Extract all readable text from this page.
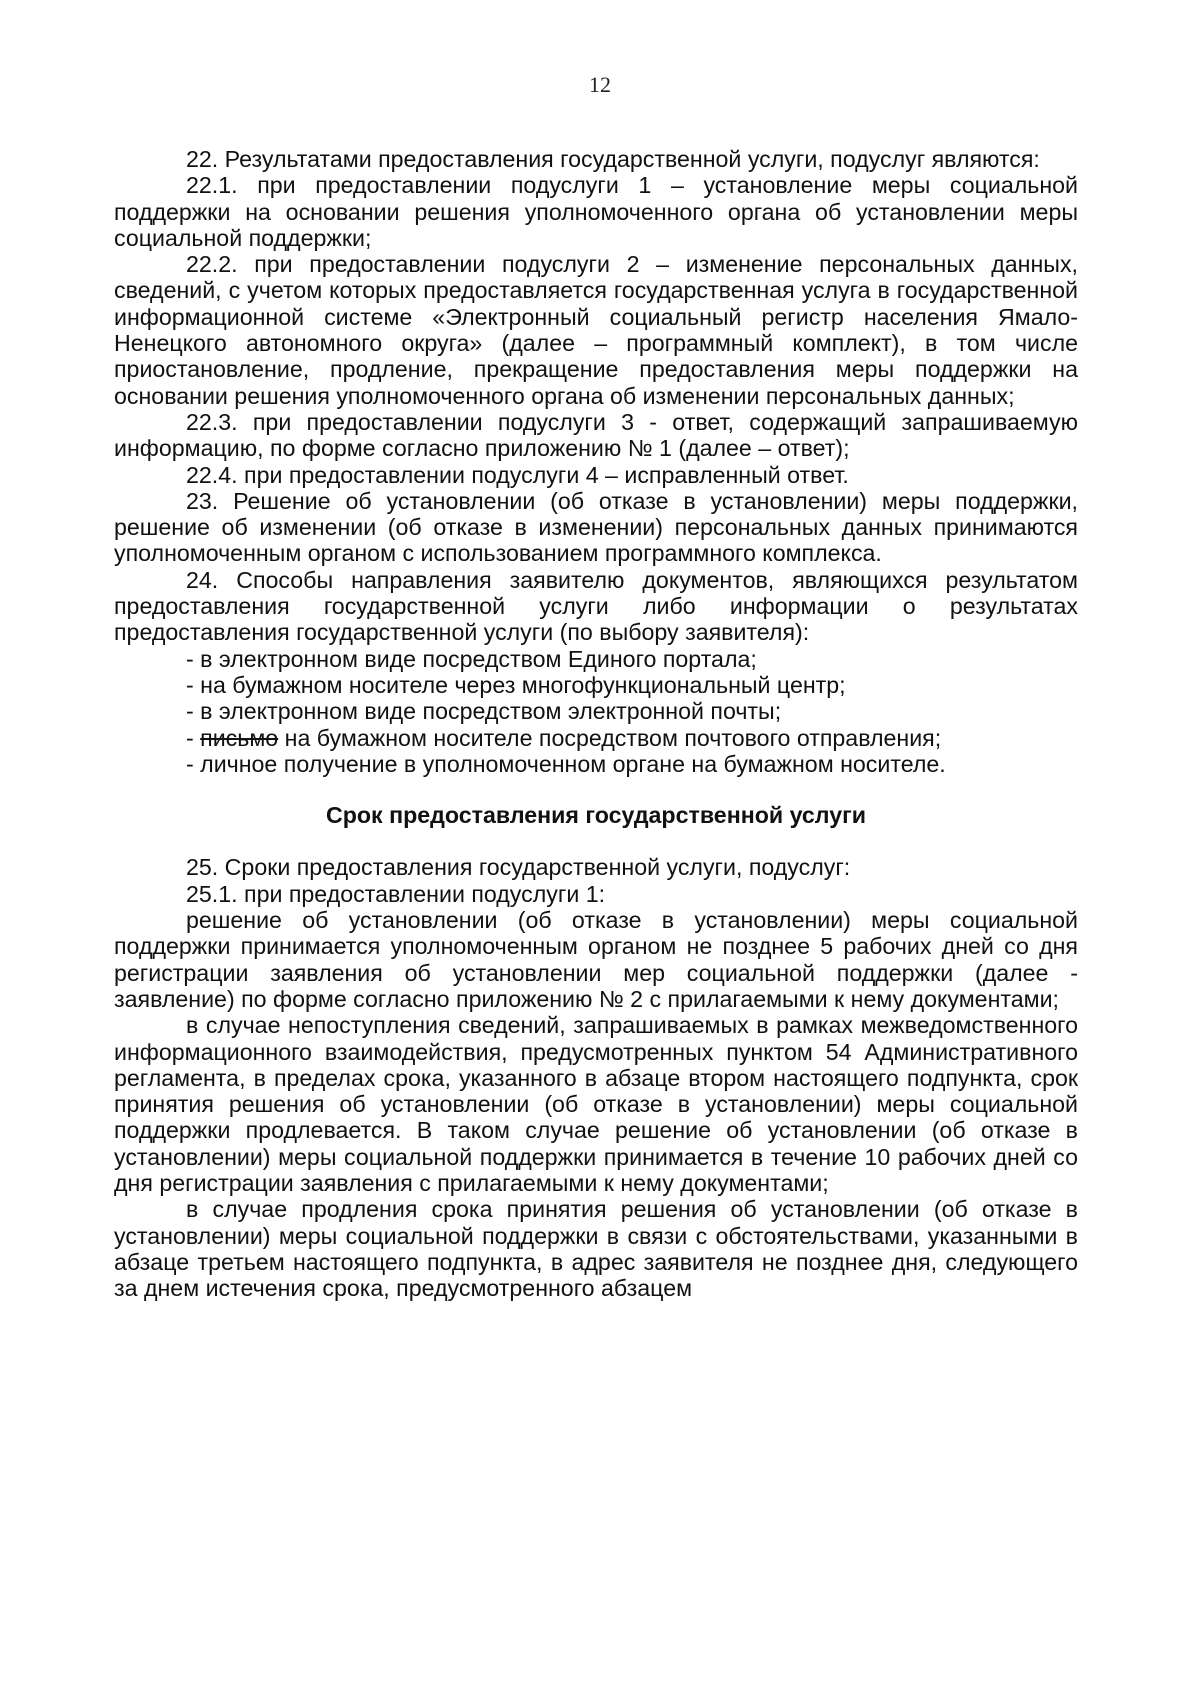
12

22. Результатами предоставления государственной услуги, подуслуг являются:

22.1. при предоставлении подуслуги 1 – установление меры социальной поддержки на основании решения уполномоченного органа об установлении меры социальной поддержки;

22.2. при предоставлении подуслуги 2 – изменение персональных данных, сведений, с учетом которых предоставляется государственная услуга в государственной информационной системе «Электронный социальный регистр населения Ямало-Ненецкого автономного округа» (далее – программный комплект), в том числе приостановление, продление, прекращение предоставления меры поддержки на основании решения уполномоченного органа об изменении персональных данных;

22.3. при предоставлении подуслуги 3 - ответ, содержащий запрашиваемую информацию, по форме согласно приложению № 1 (далее – ответ);

22.4. при предоставлении подуслуги 4 – исправленный ответ.

23. Решение об установлении (об отказе в установлении) меры поддержки, решение об изменении (об отказе в изменении) персональных данных принимаются уполномоченным органом с использованием программного комплекса.

24. Способы направления заявителю документов, являющихся результатом предоставления государственной услуги либо информации о результатах предоставления государственной услуги (по выбору заявителя):

- в электронном виде посредством Единого портала;

- на бумажном носителе через многофункциональный центр;

- в электронном виде посредством электронной почты;

- письмо на бумажном носителе посредством почтового отправления;

- личное получение в уполномоченном органе на бумажном носителе.

Срок предоставления государственной услуги

25. Сроки предоставления государственной услуги, подуслуг:

25.1. при предоставлении подуслуги 1:

решение об установлении (об отказе в установлении) меры социальной поддержки принимается уполномоченным органом не позднее 5 рабочих дней со дня регистрации заявления об установлении мер социальной поддержки (далее - заявление) по форме согласно приложению № 2 с прилагаемыми к нему документами;

в случае непоступления сведений, запрашиваемых в рамках межведомственного информационного взаимодействия, предусмотренных пунктом 54 Административного регламента, в пределах срока, указанного в абзаце втором настоящего подпункта, срок принятия решения об установлении (об отказе в установлении) меры социальной поддержки продлевается. В таком случае решение об установлении (об отказе в установлении) меры социальной поддержки принимается в течение 10 рабочих дней со дня регистрации заявления с прилагаемыми к нему документами;

в случае продления срока принятия решения об установлении (об отказе в установлении) меры социальной поддержки в связи с обстоятельствами, указанными в абзаце третьем настоящего подпункта, в адрес заявителя не позднее дня, следующего за днем истечения срока, предусмотренного абзацем
